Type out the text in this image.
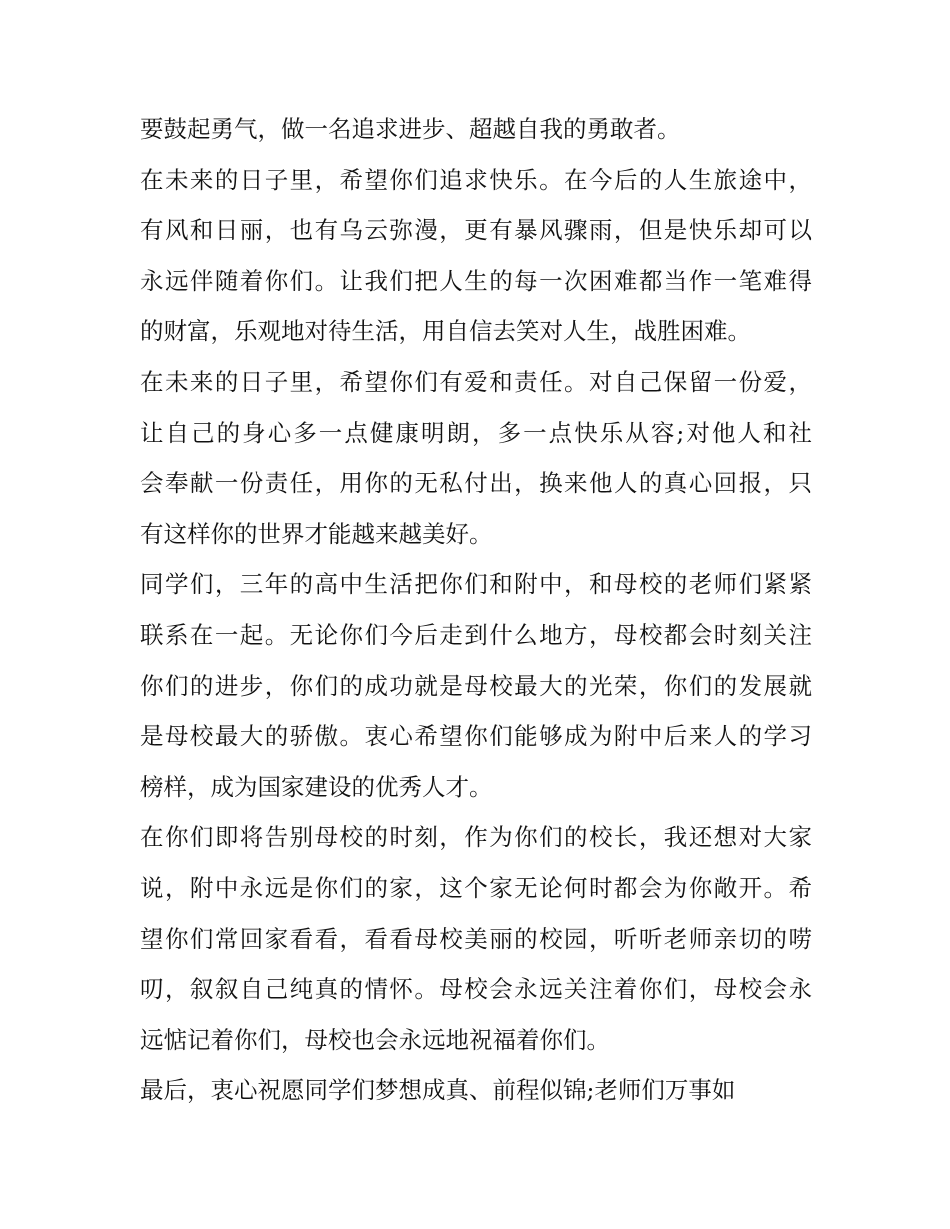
要鼓起勇气，做一名追求进步、超越自我的勇敢者。
在未来的日子里，希望你们追求快乐。在今后的人生旅途中，
有风和日丽，也有乌云弥漫，更有暴风骤雨，但是快乐却可以
永远伴随着你们。让我们把人生的每一次困难都当作一笔难得
的财富，乐观地对待生活，用自信去笑对人生，战胜困难。
在未来的日子里，希望你们有爱和责任。对自己保留一份爱，
让自己的身心多一点健康明朗，多一点快乐从容;对他人和社
会奉献一份责任，用你的无私付出，换来他人的真心回报，只
有这样你的世界才能越来越美好。
同学们，三年的高中生活把你们和附中，和母校的老师们紧紧
联系在一起。无论你们今后走到什么地方，母校都会时刻关注
你们的进步，你们的成功就是母校最大的光荣，你们的发展就
是母校最大的骄傲。衷心希望你们能够成为附中后来人的学习
榜样，成为国家建设的优秀人才。
在你们即将告别母校的时刻，作为你们的校长，我还想对大家
说，附中永远是你们的家，这个家无论何时都会为你敞开。希
望你们常回家看看，看看母校美丽的校园，听听老师亲切的唠
叨，叙叙自己纯真的情怀。母校会永远关注着你们，母校会永
远惦记着你们，母校也会永远地祝福着你们。
最后，衷心祝愿同学们梦想成真、前程似锦;老师们万事如
